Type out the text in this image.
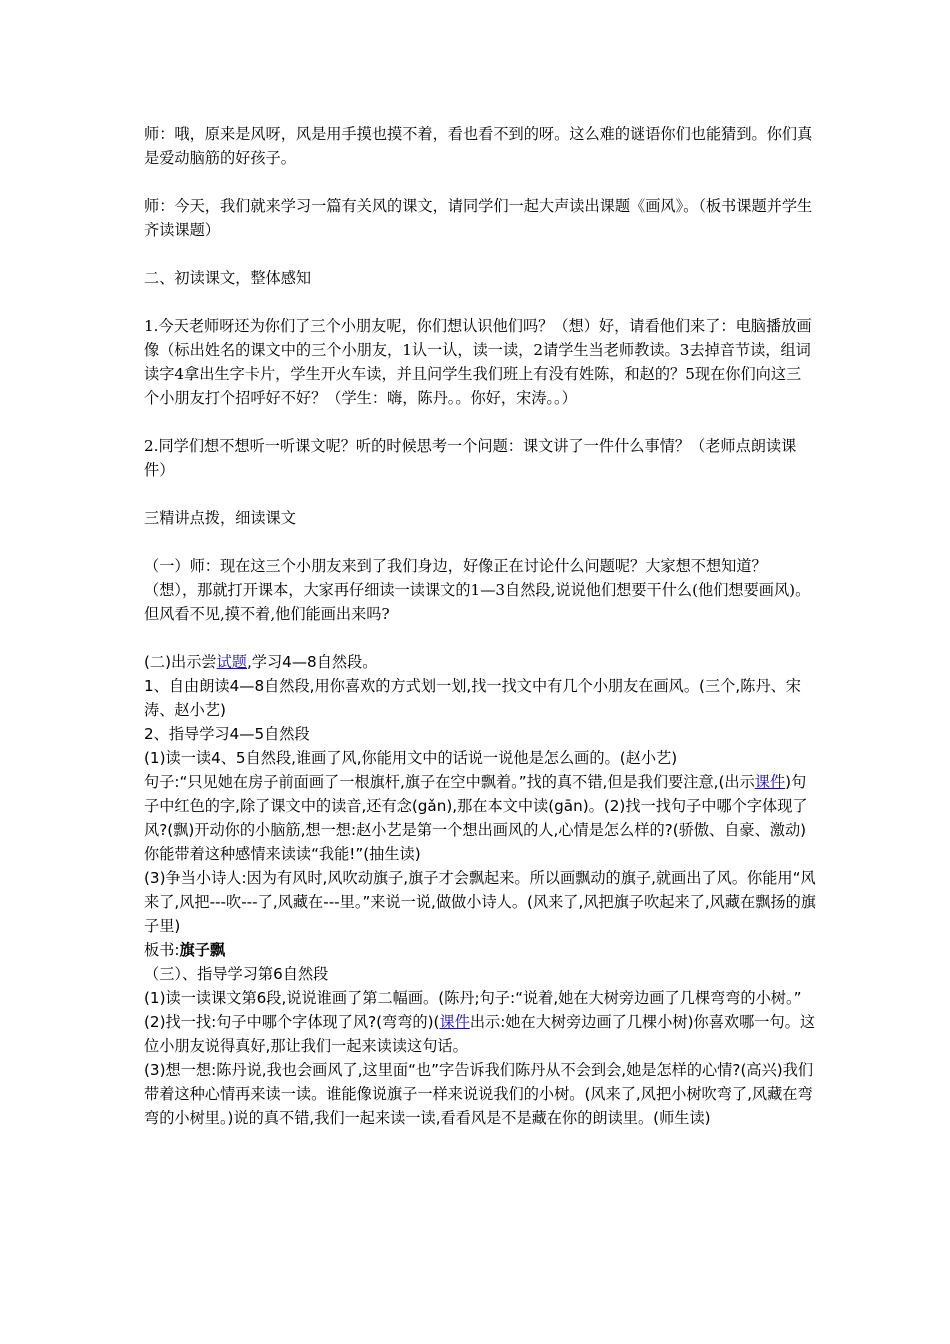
师：哦，原来是风呀，风是用手摸也摸不着，看也看不到的呀。这么难的谜语你们也能猜到。你们真是爱动脑筋的好孩子。

师：今天，我们就来学习一篇有关风的课文，请同学们一起大声读出课题《画风》。（板书课题并学生齐读课题）

二、初读课文，整体感知

1.今天老师呀还为你们了三个小朋友呢，你们想认识他们吗？（想）好，请看他们来了：电脑播放画像（标出姓名的课文中的三个小朋友，1认一认，读一读，2请学生当老师教读。3去掉音节读，组词读字4拿出生字卡片，学生开火车读，并且问学生我们班上有没有姓陈，和赵的？5现在你们向这三个小朋友打个招呼好不好？（学生：嗨，陈丹。。你好，宋涛。。）

2.同学们想不想听一听课文呢？听的时候思考一个问题：课文讲了一件什么事情？（老师点朗读课件）

三精讲点拨，细读课文

（一）师：现在这三个小朋友来到了我们身边，好像正在讨论什么问题呢？大家想不想知道？（想），那就打开课本，大家再仔细读一读课文的1—3自然段,说说他们想要干什么(他们想要画风)。但风看不见,摸不着,他们能画出来吗?

(二)出示尝试题,学习4—8自然段。

1、自由朗读4—8自然段,用你喜欢的方式划一划,找一找文中有几个小朋友在画风。(三个,陈丹、宋涛、赵小艺)

2、指导学习4—5自然段

(1)读一读4、5自然段,谁画了风,你能用文中的话说一说他是怎么画的。(赵小艺)

句子:“只见她在房子前面画了一根旗杆,旗子在空中飘着。”找的真不错,但是我们要注意,(出示课件)句子中红色的字,除了课文中的读音,还有念(gǎn),那在本文中读(gān)。(2)找一找句子中哪个字体现了风?(飘)开动你的小脑筋,想一想:赵小艺是第一个想出画风的人,心情是怎么样的?(骄傲、自豪、激动)你能带着这种感情来读读“我能!”(抽生读)

(3)争当小诗人:因为有风时,风吹动旗子,旗子才会飘起来。所以画飘动的旗子,就画出了风。你能用“风来了,风把---吹---了,风藏在---里。”来说一说,做做小诗人。(风来了,风把旗子吹起来了,风藏在飘扬的旗子里)

板书:旗子飘

（三）、指导学习第6自然段

(1)读一读课文第6段,说说谁画了第二幅画。(陈丹;句子:“说着,她在大树旁边画了几棵弯弯的小树。”

(2)找一找:句子中哪个字体现了风?(弯弯的)(课件出示:她在大树旁边画了几棵小树)你喜欢哪一句。这位小朋友说得真好,那让我们一起来读读这句话。

(3)想一想:陈丹说,我也会画风了,这里面“也”字告诉我们陈丹从不会到会,她是怎样的心情?(高兴)我们带着这种心情再来读一读。谁能像说旗子一样来说说我们的小树。(风来了,风把小树吹弯了,风藏在弯弯的小树里。)说的真不错,我们一起来读一读,看看风是不是藏在你的朗读里。(师生读)
